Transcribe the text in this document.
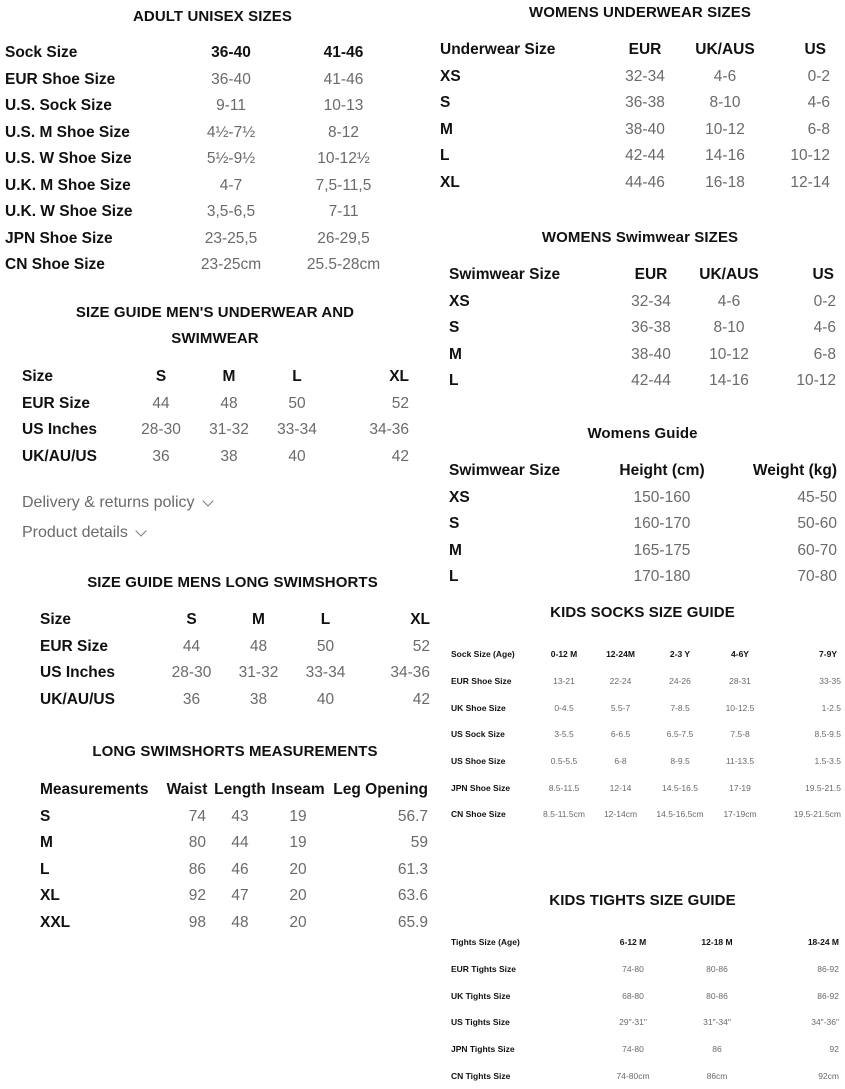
ADULT UNISEX SIZES
Sock Size	36-40	41-46
EUR Shoe Size	36-40	41-46
U.S. Sock Size	9-11	10-13
U.S. M Shoe Size	4½-7½	8-12
U.S. W Shoe Size	5½-9½	10-12½
U.K. M Shoe Size	4-7	7,5-11,5
U.K. W Shoe Size	3,5-6,5	7-11
JPN Shoe Size	23-25,5	26-29,5
CN Shoe Size	23-25cm	25.5-28cm
SIZE GUIDE MEN'S UNDERWEAR AND
SWIMWEAR
Size	S	M	L	XL
EUR Size	44	48	50	52
US Inches	28-30	31-32	33-34	34-36
UK/AU/US	36	38	40	42
Delivery & returns policy
Product details
SIZE GUIDE MENS LONG SWIMSHORTS
Size	S	M	L	XL
EUR Size	44	48	50	52
US Inches	28-30	31-32	33-34	34-36
UK/AU/US	36	38	40	42
LONG SWIMSHORTS MEASUREMENTS
Measurements	Waist	Length	Inseam	Leg Opening
S	74	43	19	56.7
M	80	44	19	59
L	86	46	20	61.3
XL	92	47	20	63.6
XXL	98	48	20	65.9
WOMENS UNDERWEAR SIZES
Underwear Size	EUR	UK/AUS	US
XS	32-34	4-6	0-2
S	36-38	8-10	4-6
M	38-40	10-12	6-8
L	42-44	14-16	10-12
XL	44-46	16-18	12-14
WOMENS Swimwear SIZES
Swimwear Size	EUR	UK/AUS	US
XS	32-34	4-6	0-2
S	36-38	8-10	4-6
M	38-40	10-12	6-8
L	42-44	14-16	10-12
Womens Guide
Swimwear Size	Height (cm)	Weight (kg)
XS	150-160	45-50
S	160-170	50-60
M	165-175	60-70
L	170-180	70-80
KIDS SOCKS SIZE GUIDE
Sock Size (Age)	0-12 M	12-24M	2-3 Y	4-6Y	7-9Y
EUR Shoe Size	13-21	22-24	24-26	28-31	33-35
UK Shoe Size	0-4.5	5.5-7	7-8.5	10-12.5	1-2.5
US Sock Size	3-5.5	6-6.5	6.5-7.5	7.5-8	8.5-9.5
US Shoe Size	0.5-5.5	6-8	8-9.5	11-13.5	1.5-3.5
JPN Shoe Size	8.5-11.5	12-14	14.5-16.5	17-19	19.5-21.5
CN Shoe Size	8.5-11.5cm	12-14cm	14.5-16.5cm	17-19cm	19.5-21.5cm
KIDS TIGHTS SIZE GUIDE
Tights Size (Age)	6-12 M	12-18 M	18-24 M
EUR Tights Size	74-80	80-86	86-92
UK Tights Size	68-80	80-86	86-92
US Tights Size	29"-31"	31"-34"	34"-36"
JPN Tights Size	74-80	86	92
CN Tights Size	74-80cm	86cm	92cm
